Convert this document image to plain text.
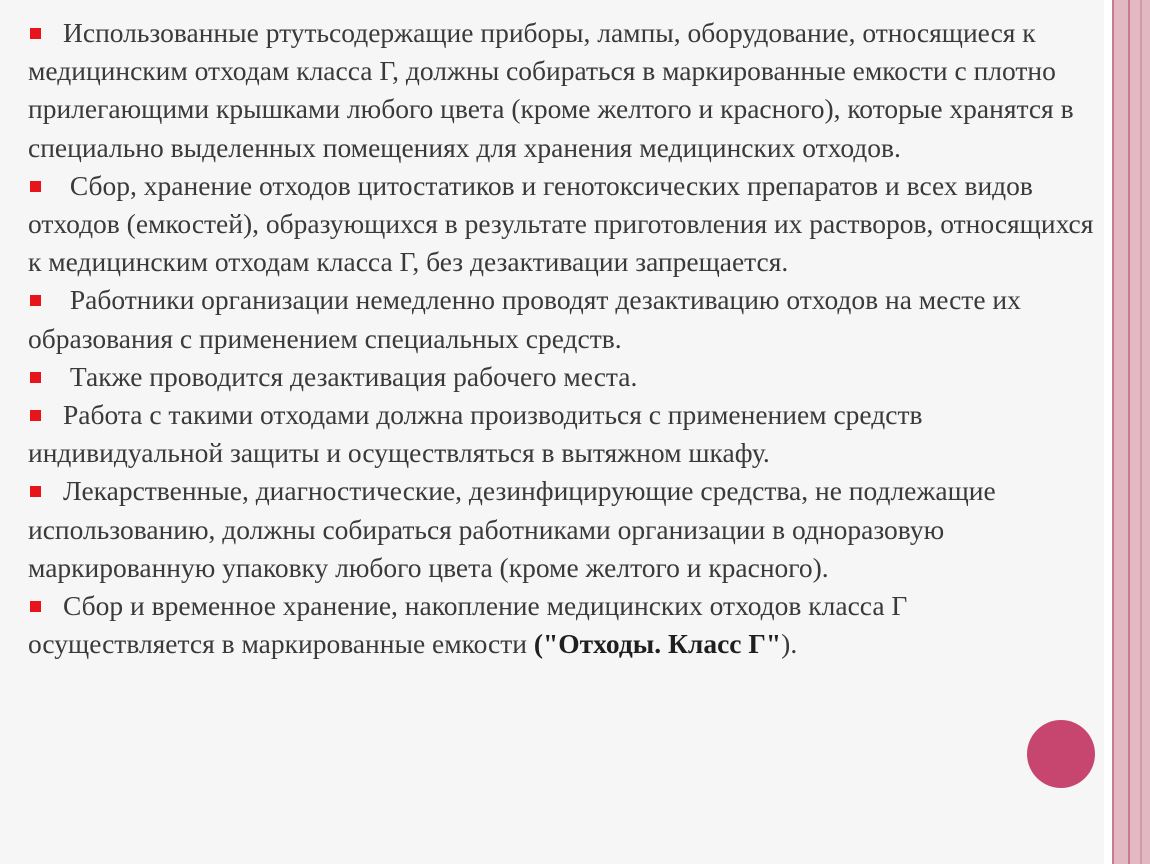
Использованные ртутьсодержащие приборы, лампы, оборудование, относящиеся к медицинским отходам класса Г, должны собираться в маркированные емкости с плотно прилегающими крышками любого цвета (кроме желтого и красного), которые хранятся в специально выделенных помещениях для хранения медицинских отходов.

Сбор, хранение отходов цитостатиков и генотоксических препаратов и всех видов отходов (емкостей), образующихся в результате приготовления их растворов, относящихся к медицинским отходам класса Г, без дезактивации запрещается.

Работники организации немедленно проводят дезактивацию отходов на месте их образования с применением специальных средств.

Также проводится дезактивация рабочего места.

Работа с такими отходами должна производиться с применением средств индивидуальной защиты и осуществляться в вытяжном шкафу.

Лекарственные, диагностические, дезинфицирующие средства, не подлежащие использованию, должны собираться работниками организации в одноразовую маркированную упаковку любого цвета (кроме желтого и красного).

Сбор и временное хранение, накопление медицинских отходов класса Г осуществляется в маркированные емкости ("Отходы. Класс Г").
